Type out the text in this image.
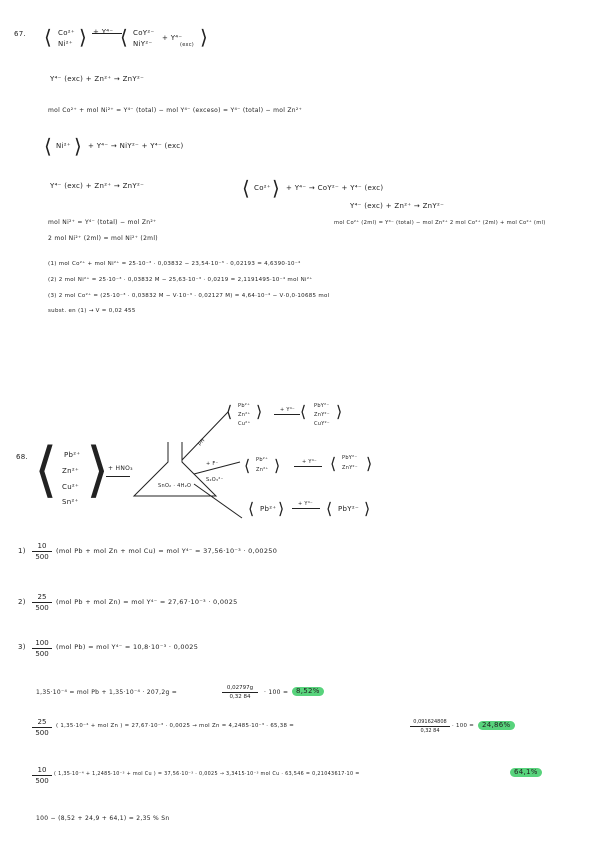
67. ⟨ Co²⁺
Ni²⁺ ⟩ + Y⁴⁻ ⟨ CoY²⁻
NiY²⁻
+ Y⁴⁻
(exc) ⟩
Y⁴⁻ (exc) + Zn²⁺ → ZnY²⁻
mol Co²⁺ + mol Ni²⁺ = Y⁴⁻ (total) − mol Y⁴⁻ (exceso) = Y⁴⁻ (total) − mol Zn²⁺
⟨ Ni²⁺ ⟩ + Y⁴⁻ → NiY²⁻ + Y⁴⁻ (exc)
Y⁴⁻ (exc) + Zn²⁺ → ZnY²⁻	⟨ Co²⁺ ⟩ + Y⁴⁻ → CoY²⁻ + Y⁴⁻ (exc)
Y⁴⁻ (exc) + Zn²⁺ → ZnY²⁻
mol Ni²⁺ = Y⁴⁻ (total) − mol Zn²⁺	mol Co²⁺ (2ml) = Y⁴⁻ (total) − mol Zn²⁺ 2 mol Co²⁺ (2ml) + mol Co²⁺ (ml)
2 mol Ni²⁺ (2ml) = mol Ni²⁺ (2ml)
(1) mol Co²⁺ + mol Ni²⁺ = 25·10⁻³ · 0,03832 − 23,54·10⁻³ · 0,02193 = 4,6390·10⁻⁴
(2) 2 mol Ni²⁺ = 25·10⁻³ · 0,03832 M − 25,63·10⁻³ · 0,0219 = 2,1191495·10⁻⁴ mol Ni²⁺
(3) 2 mol Co²⁺ = (25·10⁻³ · 0,03832 M − V·10⁻³ · 0,02127 M) = 4,64·10⁻⁴ − V·0,0·10685 mol
subst. en (1) → V = 0,02 455
68. ⟨ Pb²⁺
Zn²⁺
Cu²⁺
Sn²⁺ ⟩
+ HNO₃
SnO₂ · 4H₂O
pH
+ F⁻
S₂O₃²⁻
⟨ Pb²⁺
Zn²⁺
Cu²⁺
⟩	+ Y⁴⁻ ⟨ PbY²⁻
ZnY²⁻
CuY²⁻
⟩
⟨ Pb²⁺
Zn²⁺ ⟩	+ Y⁴⁻ ⟨ PbY²⁻
ZnY²⁻ ⟩
⟨ Pb²⁺ ⟩	+ Y⁴⁻ ⟨ PbY²⁻ ⟩
1)
10
500
(mol Pb + mol Zn + mol Cu) = mol Y⁴⁻ = 37,56·10⁻³ · 0,00250
2)
25
500
(mol Pb + mol Zn) = mol Y⁴⁻ = 27,67·10⁻³ · 0,0025
3)	100
500
(mol Pb) = mol Y⁴⁻ = 10,8·10⁻³ · 0,0025
1,35·10⁻⁴ = mol Pb + 1,35·10⁻⁴ · 207,2g =
0,02797g
0,32 84
· 100 =	8,52%
25
500
( 1,35·10⁻⁴ + mol Zn ) = 27,67·10⁻³ · 0,0025 → mol Zn = 4,2485·10⁻³ · 65,38 =
0,091624808
0,32 84
· 100 =	24,86%
10
500
( 1,35·10⁻⁴ + 1,2485·10⁻³ + mol Cu ) = 37,56·10⁻³ · 0,0025 → 3,3415·10⁻³ mol Cu · 63,546 = 0,21043617·10 =	64,1%
100 − (8,52 + 24,9 + 64,1) = 2,35 % Sn
